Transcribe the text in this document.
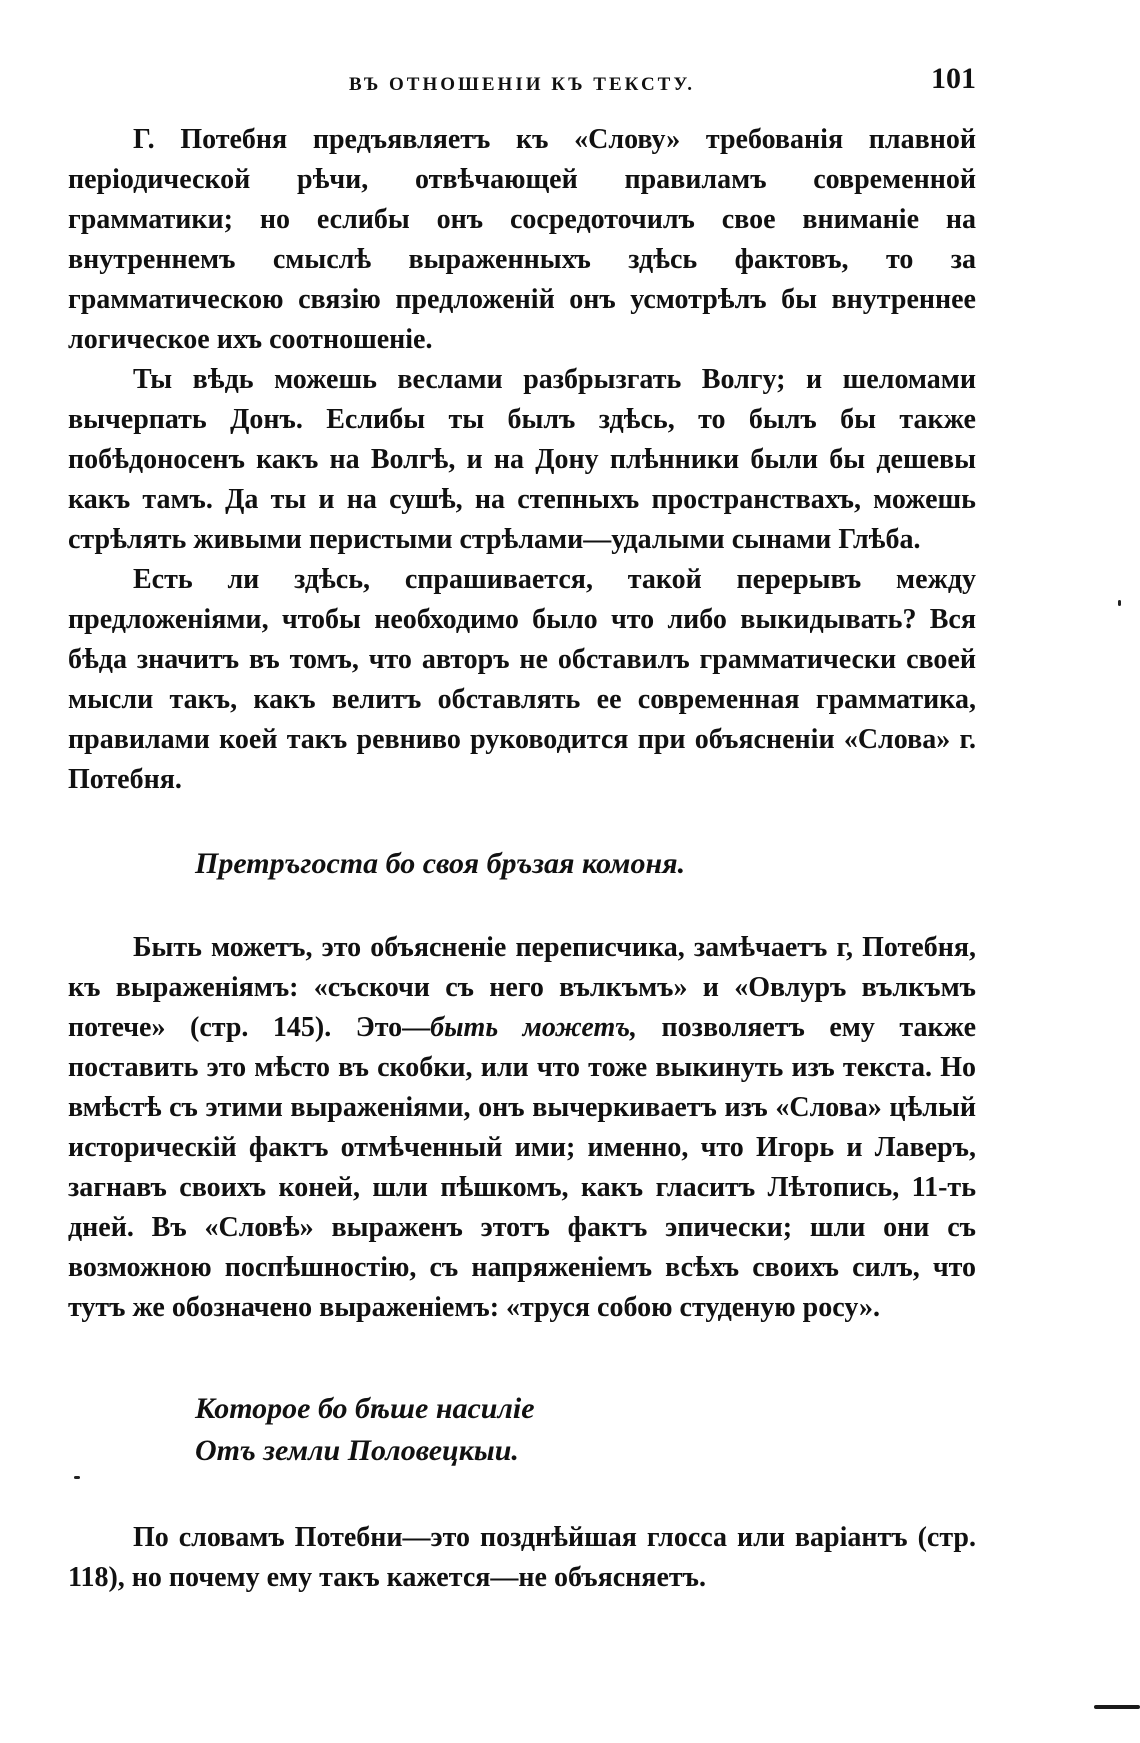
ВЪ ОТНОШЕНІИ КЪ ТЕКСТУ.	101

Г. Потебня предъявляетъ къ «Слову» требованія плавной періодической рѣчи, отвѣчающей правиламъ современной грамматики; но еслибы онъ сосредоточилъ свое вниманіе на внутреннемъ смыслѣ выраженныхъ здѣсь фактовъ, то за грамматическою связію предложеній онъ усмотрѣлъ бы внутреннее логическое ихъ соотношеніе.

Ты вѣдь можешь веслами разбрызгать Волгу; и шеломами вычерпать Донъ. Еслибы ты былъ здѣсь, то былъ бы также побѣдоносенъ какъ на Волгѣ, и на Дону плѣнники были бы дешевы какъ тамъ. Да ты и на сушѣ, на степныхъ пространствахъ, можешь стрѣлять живыми перистыми стрѣлами—удалыми сынами Глѣба.

Есть ли здѣсь, спрашивается, такой перерывъ между предложеніями, чтобы необходимо было что либо выкидывать? Вся бѣда значитъ въ томъ, что авторъ не обставилъ грамматически своей мысли такъ, какъ велитъ обставлять ее современная грамматика, правилами коей такъ ревниво руководится при объясненіи «Слова» г. Потебня.

Претръгоста бо своя бръзая комоня.

Быть можетъ, это объясненіе переписчика, замѣчаетъ г, Потебня, къ выраженіямъ: «съскочи съ него вълкъмъ» и «Овлуръ вълкъмъ потече» (стр. 145). Это—быть можетъ, позволяетъ ему также поставить это мѣсто въ скобки, или что тоже выкинуть изъ текста. Но вмѣстѣ съ этими выраженіями, онъ вычеркиваетъ изъ «Слова» цѣлый историческій фактъ отмѣченный ими; именно, что Игорь и Лаверъ, загнавъ своихъ коней, шли пѣшкомъ, какъ гласитъ Лѣтопись, 11-ть дней. Въ «Словѣ» выраженъ этотъ фактъ эпически; шли они съ возможною поспѣшностію, съ напряженіемъ всѣхъ своихъ силъ, что тутъ же обозначено выраженіемъ: «труся собою студеную росу».

Которое бо бѣше насиліе

Отъ земли Половецкыи.

По словамъ Потебни—это позднѣйшая глосса или варіантъ (стр. 118), но почему ему такъ кажется—не объясняетъ.
